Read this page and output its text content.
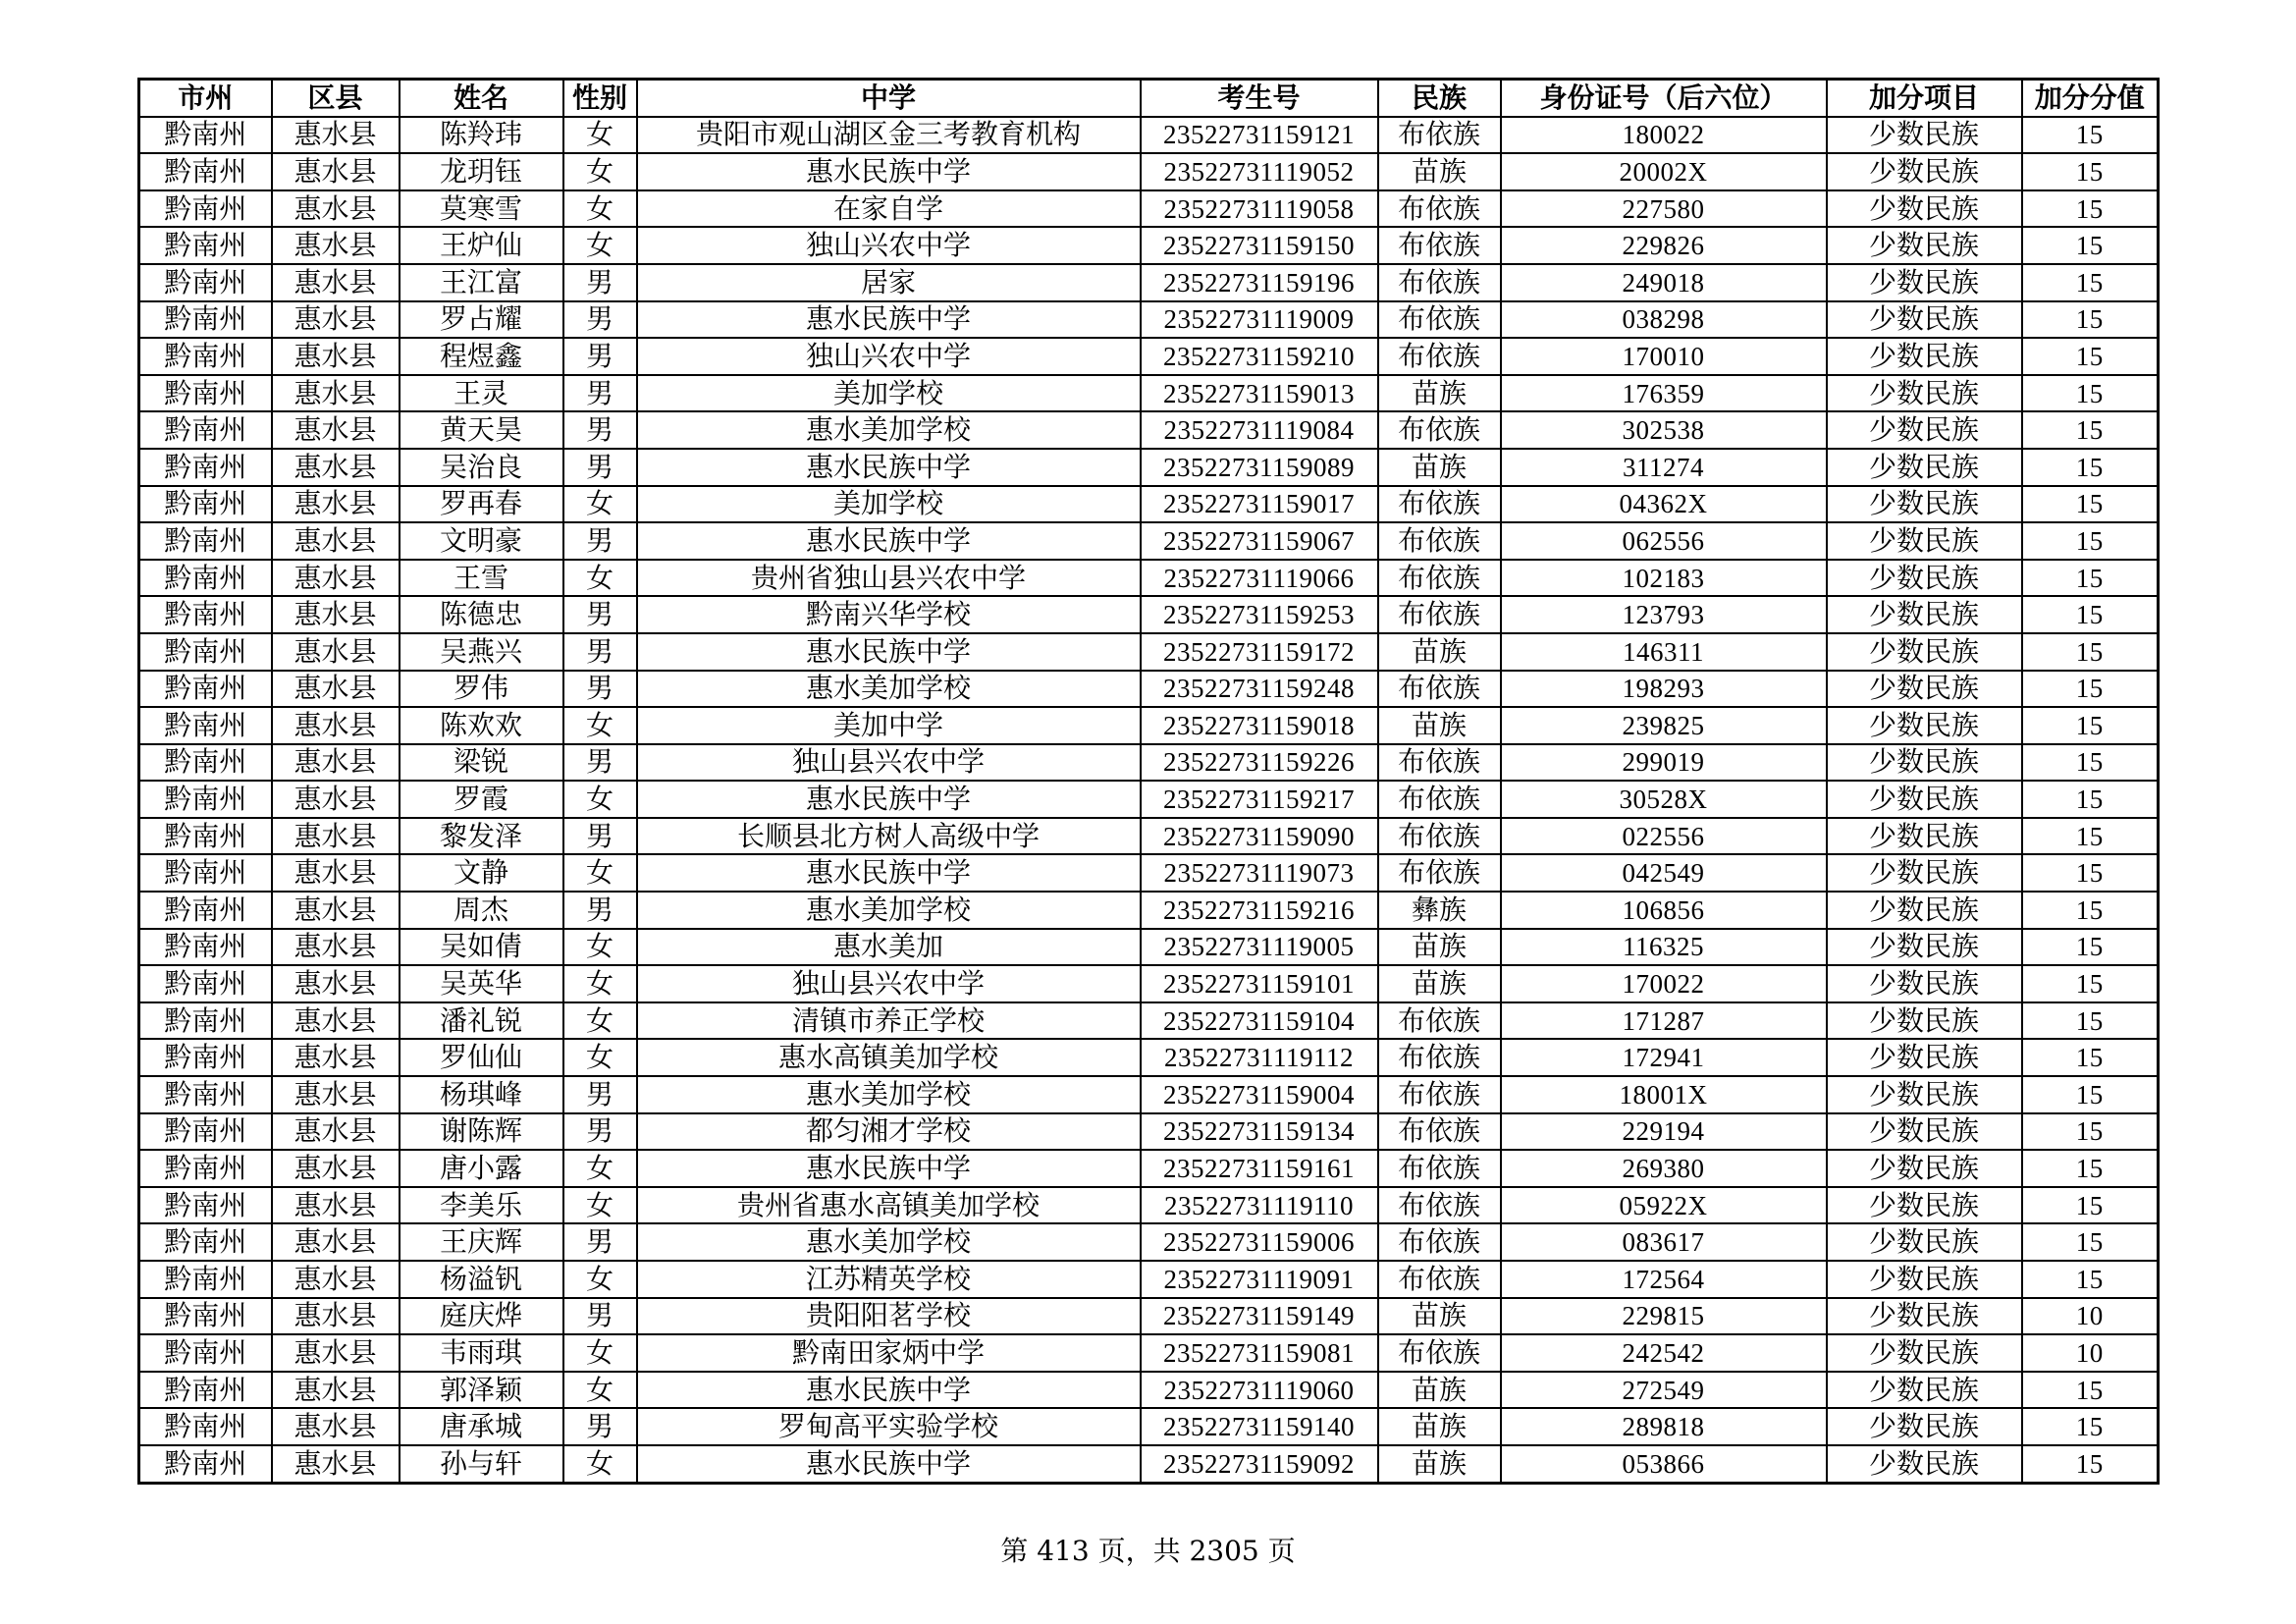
市州	区县	姓名	性别	中学	考生号	民族	身份证号（后六位）	加分项目	加分分值
黔南州	惠水县	陈羚玮	女	贵阳市观山湖区金三考教育机构	23522731159121	布依族	180022	少数民族	15
黔南州	惠水县	龙玥钰	女	惠水民族中学	23522731119052	苗族	20002X	少数民族	15
黔南州	惠水县	莫寒雪	女	在家自学	23522731119058	布依族	227580	少数民族	15
黔南州	惠水县	王炉仙	女	独山兴农中学	23522731159150	布依族	229826	少数民族	15
黔南州	惠水县	王江富	男	居家	23522731159196	布依族	249018	少数民族	15
黔南州	惠水县	罗占耀	男	惠水民族中学	23522731119009	布依族	038298	少数民族	15
黔南州	惠水县	程煜鑫	男	独山兴农中学	23522731159210	布依族	170010	少数民族	15
黔南州	惠水县	王灵	男	美加学校	23522731159013	苗族	176359	少数民族	15
黔南州	惠水县	黄天昊	男	惠水美加学校	23522731119084	布依族	302538	少数民族	15
黔南州	惠水县	吴治良	男	惠水民族中学	23522731159089	苗族	311274	少数民族	15
黔南州	惠水县	罗再春	女	美加学校	23522731159017	布依族	04362X	少数民族	15
黔南州	惠水县	文明豪	男	惠水民族中学	23522731159067	布依族	062556	少数民族	15
黔南州	惠水县	王雪	女	贵州省独山县兴农中学	23522731119066	布依族	102183	少数民族	15
黔南州	惠水县	陈德忠	男	黔南兴华学校	23522731159253	布依族	123793	少数民族	15
黔南州	惠水县	吴燕兴	男	惠水民族中学	23522731159172	苗族	146311	少数民族	15
黔南州	惠水县	罗伟	男	惠水美加学校	23522731159248	布依族	198293	少数民族	15
黔南州	惠水县	陈欢欢	女	美加中学	23522731159018	苗族	239825	少数民族	15
黔南州	惠水县	梁锐	男	独山县兴农中学	23522731159226	布依族	299019	少数民族	15
黔南州	惠水县	罗霞	女	惠水民族中学	23522731159217	布依族	30528X	少数民族	15
黔南州	惠水县	黎发泽	男	长顺县北方树人高级中学	23522731159090	布依族	022556	少数民族	15
黔南州	惠水县	文静	女	惠水民族中学	23522731119073	布依族	042549	少数民族	15
黔南州	惠水县	周杰	男	惠水美加学校	23522731159216	彝族	106856	少数民族	15
黔南州	惠水县	吴如倩	女	惠水美加	23522731119005	苗族	116325	少数民族	15
黔南州	惠水县	吴英华	女	独山县兴农中学	23522731159101	苗族	170022	少数民族	15
黔南州	惠水县	潘礼锐	女	清镇市养正学校	23522731159104	布依族	171287	少数民族	15
黔南州	惠水县	罗仙仙	女	惠水高镇美加学校	23522731119112	布依族	172941	少数民族	15
黔南州	惠水县	杨琪峰	男	惠水美加学校	23522731159004	布依族	18001X	少数民族	15
黔南州	惠水县	谢陈辉	男	都匀湘才学校	23522731159134	布依族	229194	少数民族	15
黔南州	惠水县	唐小露	女	惠水民族中学	23522731159161	布依族	269380	少数民族	15
黔南州	惠水县	李美乐	女	贵州省惠水高镇美加学校	23522731119110	布依族	05922X	少数民族	15
黔南州	惠水县	王庆辉	男	惠水美加学校	23522731159006	布依族	083617	少数民族	15
黔南州	惠水县	杨溢钒	女	江苏精英学校	23522731119091	布依族	172564	少数民族	15
黔南州	惠水县	庭庆烨	男	贵阳阳茗学校	23522731159149	苗族	229815	少数民族	10
黔南州	惠水县	韦雨琪	女	黔南田家炳中学	23522731159081	布依族	242542	少数民族	10
黔南州	惠水县	郭泽颖	女	惠水民族中学	23522731119060	苗族	272549	少数民族	15
黔南州	惠水县	唐承城	男	罗甸高平实验学校	23522731159140	苗族	289818	少数民族	15
黔南州	惠水县	孙与轩	女	惠水民族中学	23522731159092	苗族	053866	少数民族	15
第 413 页，共 2305 页
